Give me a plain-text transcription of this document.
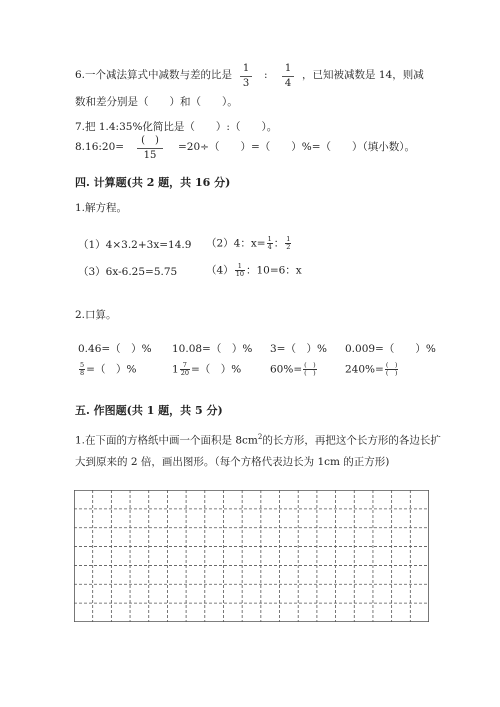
6.一个减法算式中减数与差的比是
1
3
:
1
4
，已知被减数是 14，则减
数和差分别是（　　）和（　　）。
7.把 1.4:35%化简比是（　　）:（　　）。
8.16:20=
(　)
15
=20÷（　　）=（　　）%=（　　）（填小数）。
四. 计算题(共 2 题，共 16 分)
1.解方程。
（1）4×3.2+3x=14.9 （2）4：$x= \frac{1}{4}$ ： $\frac{1}{2}$
（3）6x-6.25=5.75	$(4) \frac{1}{10}$ ：10=6：x
2.口算。
0.46=（　）% 10.08=（　）% 3=（　）% 0.009=（　　）%
$\frac{5}{8}$ =（　）%	$1 \frac{7}{20}$ =（　）%	$60\%= \frac{( )}{( )}$	$240\%= \frac{( )}{( )}$
五. 作图题(共 1 题，共 5 分)
1.在下面的方格纸中画一个面积是 $8cm^2$的长方形，再把这个长方形的各边长扩
大到原来的 2 倍，画出图形。（每个方格代表边长为 1cm 的正方形)
